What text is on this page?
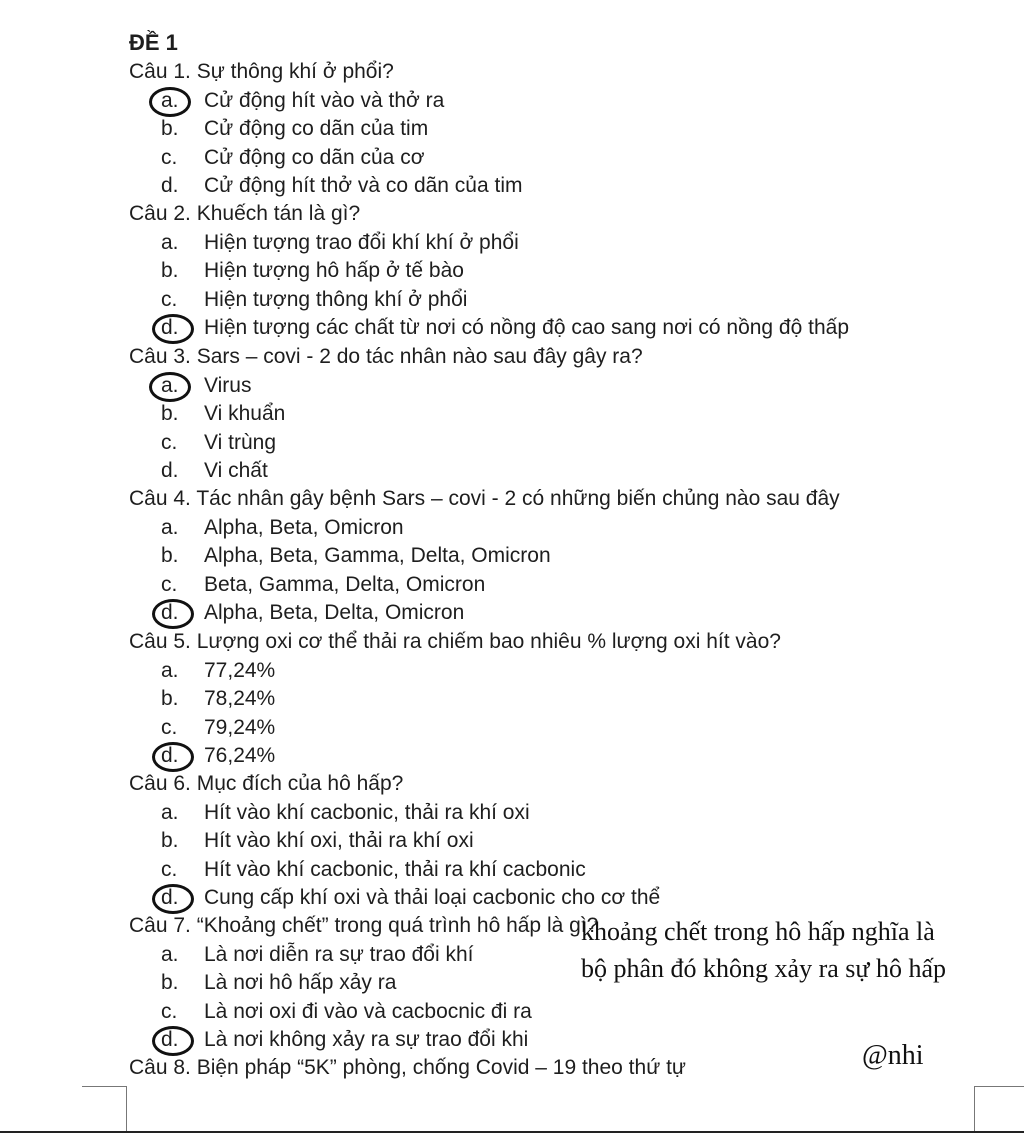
ĐỀ 1
Câu 1. Sự thông khí ở phổi?
a. Cử động hít vào và thở ra
b. Cử động co dãn của tim
c. Cử động co dãn của cơ
d. Cử động hít thở và co dãn của tim
Câu 2. Khuếch tán là gì?
a. Hiện tượng trao đổi khí khí ở phổi
b. Hiện tượng hô hấp ở tế bào
c. Hiện tượng thông khí ở phổi
d. Hiện tượng các chất từ nơi có nồng độ cao sang nơi có nồng độ thấp
Câu 3. Sars – covi - 2 do tác nhân nào sau đây gây ra?
a. Virus
b. Vi khuẩn
c. Vi trùng
d. Vi chất
Câu 4. Tác nhân gây bệnh Sars – covi - 2 có những biến chủng nào sau đây
a. Alpha, Beta, Omicron
b. Alpha, Beta, Gamma, Delta, Omicron
c. Beta, Gamma, Delta, Omicron
d. Alpha, Beta, Delta, Omicron
Câu 5. Lượng oxi cơ thể thải ra chiếm bao nhiêu % lượng oxi hít vào?
a. 77,24%
b. 78,24%
c. 79,24%
d. 76,24%
Câu 6. Mục đích của hô hấp?
a. Hít vào khí cacbonic, thải ra khí oxi
b. Hít vào khí oxi, thải ra khí oxi
c. Hít vào khí cacbonic, thải ra khí cacbonic
d. Cung cấp khí oxi và thải loại cacbonic cho cơ thể
Câu 7. “Khoảng chết” trong quá trình hô hấp là gì?
a. Là nơi diễn ra sự trao đổi khí
b. Là nơi hô hấp xảy ra
c. Là nơi oxi đi vào và cacbocnic đi ra
d. Là nơi không xảy ra sự trao đổi khi
Câu 8. Biện pháp “5K” phòng, chống Covid – 19 theo thứ tự
khoảng chết trong hô hấp nghĩa là
bộ phân đó không xảy ra sự hô hấp
@nhi
